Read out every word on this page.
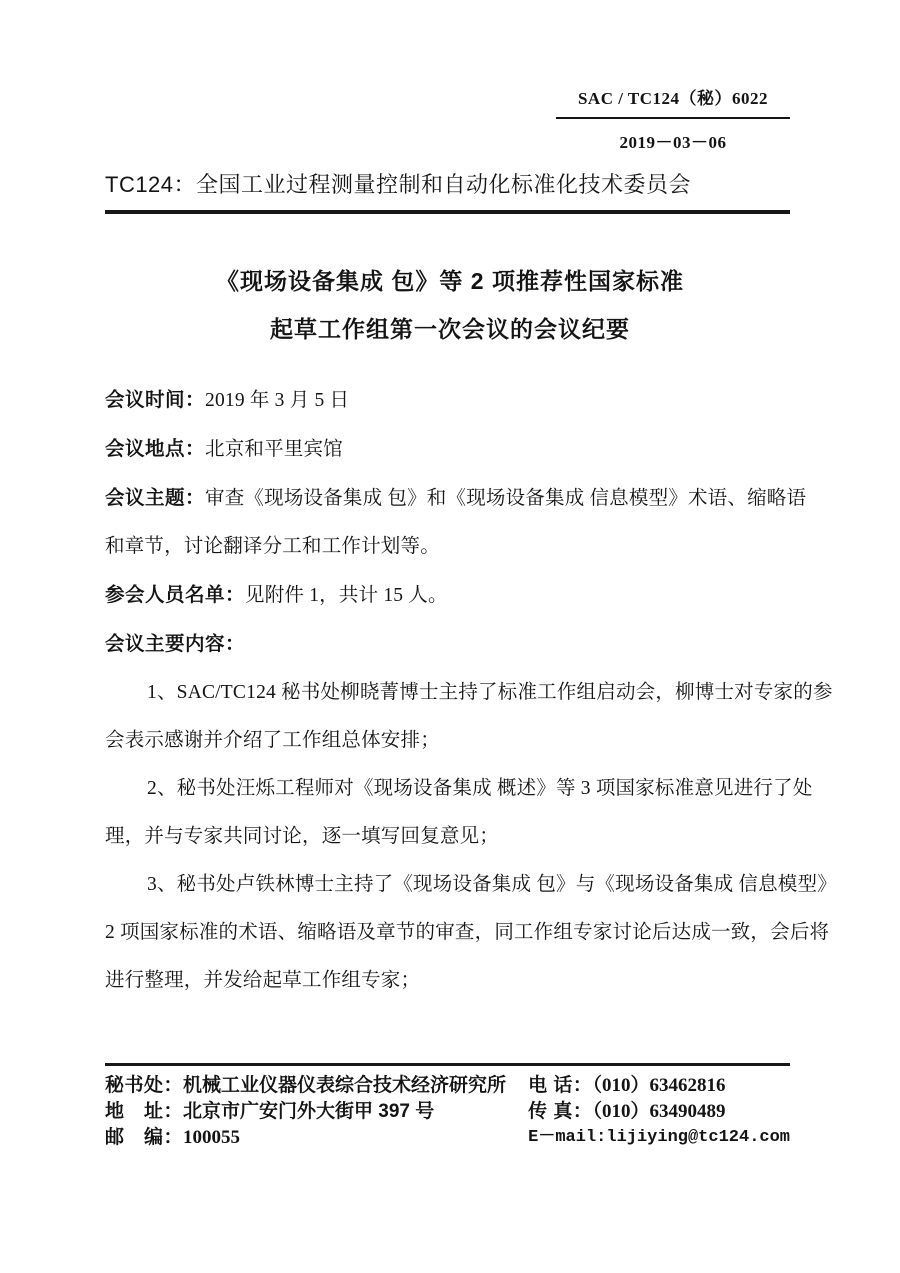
SAC / TC124（秘）6022
2019－03－06
TC124：全国工业过程测量控制和自动化标准化技术委员会
《现场设备集成 包》等 2 项推荐性国家标准
起草工作组第一次会议的会议纪要
会议时间：2019 年 3 月 5 日
会议地点：北京和平里宾馆
会议主题：审查《现场设备集成 包》和《现场设备集成 信息模型》术语、缩略语
和章节，讨论翻译分工和工作计划等。
参会人员名单：见附件 1，共计 15 人。
会议主要内容：
1、SAC/TC124 秘书处柳晓菁博士主持了标准工作组启动会，柳博士对专家的参
会表示感谢并介绍了工作组总体安排；
2、秘书处汪烁工程师对《现场设备集成 概述》等 3 项国家标准意见进行了处
理，并与专家共同讨论，逐一填写回复意见；
3、秘书处卢铁林博士主持了《现场设备集成 包》与《现场设备集成 信息模型》
2 项国家标准的术语、缩略语及章节的审查，同工作组专家讨论后达成一致，会后将
进行整理，并发给起草工作组专家；
秘书处：机械工业仪器仪表综合技术经济研究所
地　址：北京市广安门外大街甲 397 号
邮　编：100055
电 话：（010）63462816
传 真：（010）63490489
E－mail:lijiying@tc124.com
